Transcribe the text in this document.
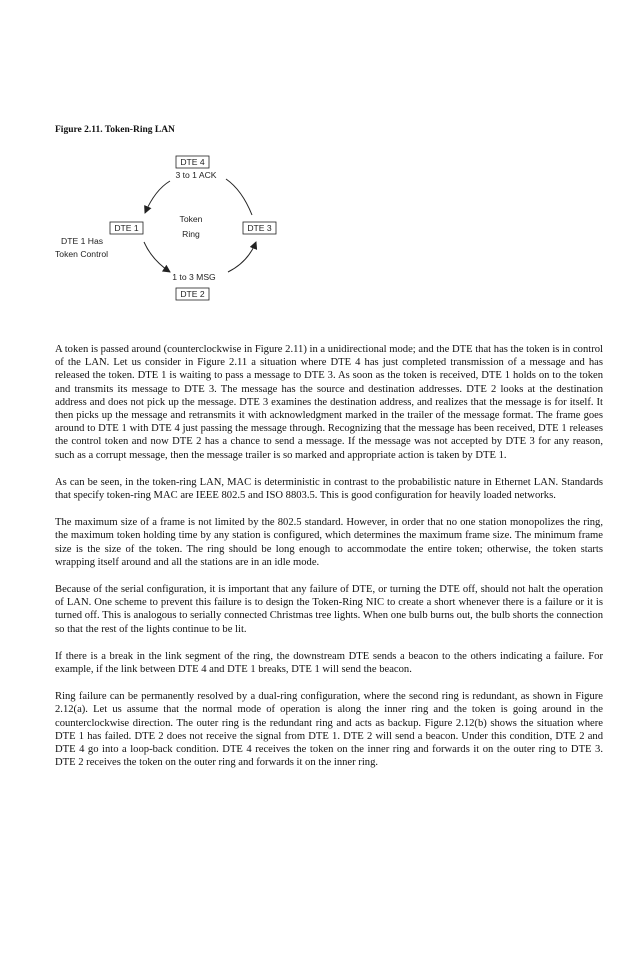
Figure 2.11. Token-Ring LAN
DTE 4
3 to 1 ACK
DTE 1	DTE 3
Token
Ring
DTE 1 Has
Token Control
1 to 3 MSG
DTE 2

A token is passed around (counterclockwise in Figure 2.11) in a unidirectional mode; and the DTE that has the token is in control of the LAN. Let us consider in Figure 2.11 a situation where DTE 4 has just completed transmission of a message and has released the token. DTE 1 is waiting to pass a message to DTE 3. As soon as the token is received, DTE 1 holds on to the token and transmits its message to DTE 3. The message has the source and destination addresses. DTE 2 looks at the destination address and does not pick up the message. DTE 3 examines the destination address, and realizes that the message is for itself. It then picks up the message and retransmits it with acknowledgment marked in the trailer of the message format. The frame goes around to DTE 1 with DTE 4 just passing the message through. Recognizing that the message has been received, DTE 1 releases the control token and now DTE 2 has a chance to send a message. If the message was not accepted by DTE 3 for any reason, such as a corrupt message, then the message trailer is so marked and appropriate action is taken by DTE 1.

As can be seen, in the token-ring LAN, MAC is deterministic in contrast to the probabilistic nature in Ethernet LAN. Standards that specify token-ring MAC are IEEE 802.5 and ISO 8803.5. This is good configuration for heavily loaded networks.

The maximum size of a frame is not limited by the 802.5 standard. However, in order that no one station monopolizes the ring, the maximum token holding time by any station is configured, which determines the maximum frame size. The minimum frame size is the size of the token. The ring should be long enough to accommodate the entire token; otherwise, the token starts wrapping itself around and all the stations are in an idle mode.

Because of the serial configuration, it is important that any failure of DTE, or turning the DTE off, should not halt the operation of LAN. One scheme to prevent this failure is to design the Token-Ring NIC to create a short whenever there is a failure or it is turned off. This is analogous to serially connected Christmas tree lights. When one bulb burns out, the bulb shorts the connection so that the rest of the lights continue to be lit.

If there is a break in the link segment of the ring, the downstream DTE sends a beacon to the others indicating a failure. For example, if the link between DTE 4 and DTE 1 breaks, DTE 1 will send the beacon.

Ring failure can be permanently resolved by a dual-ring configuration, where the second ring is redundant, as shown in Figure 2.12(a). Let us assume that the normal mode of operation is along the inner ring and the token is going around in the counterclockwise direction. The outer ring is the redundant ring and acts as backup. Figure 2.12(b) shows the situation where DTE 1 has failed. DTE 2 does not receive the signal from DTE 1. DTE 2 will send a beacon. Under this condition, DTE 2 and DTE 4 go into a loop-back condition. DTE 4 receives the token on the inner ring and forwards it on the outer ring to DTE 3. DTE 2 receives the token on the outer ring and forwards it on the inner ring.
